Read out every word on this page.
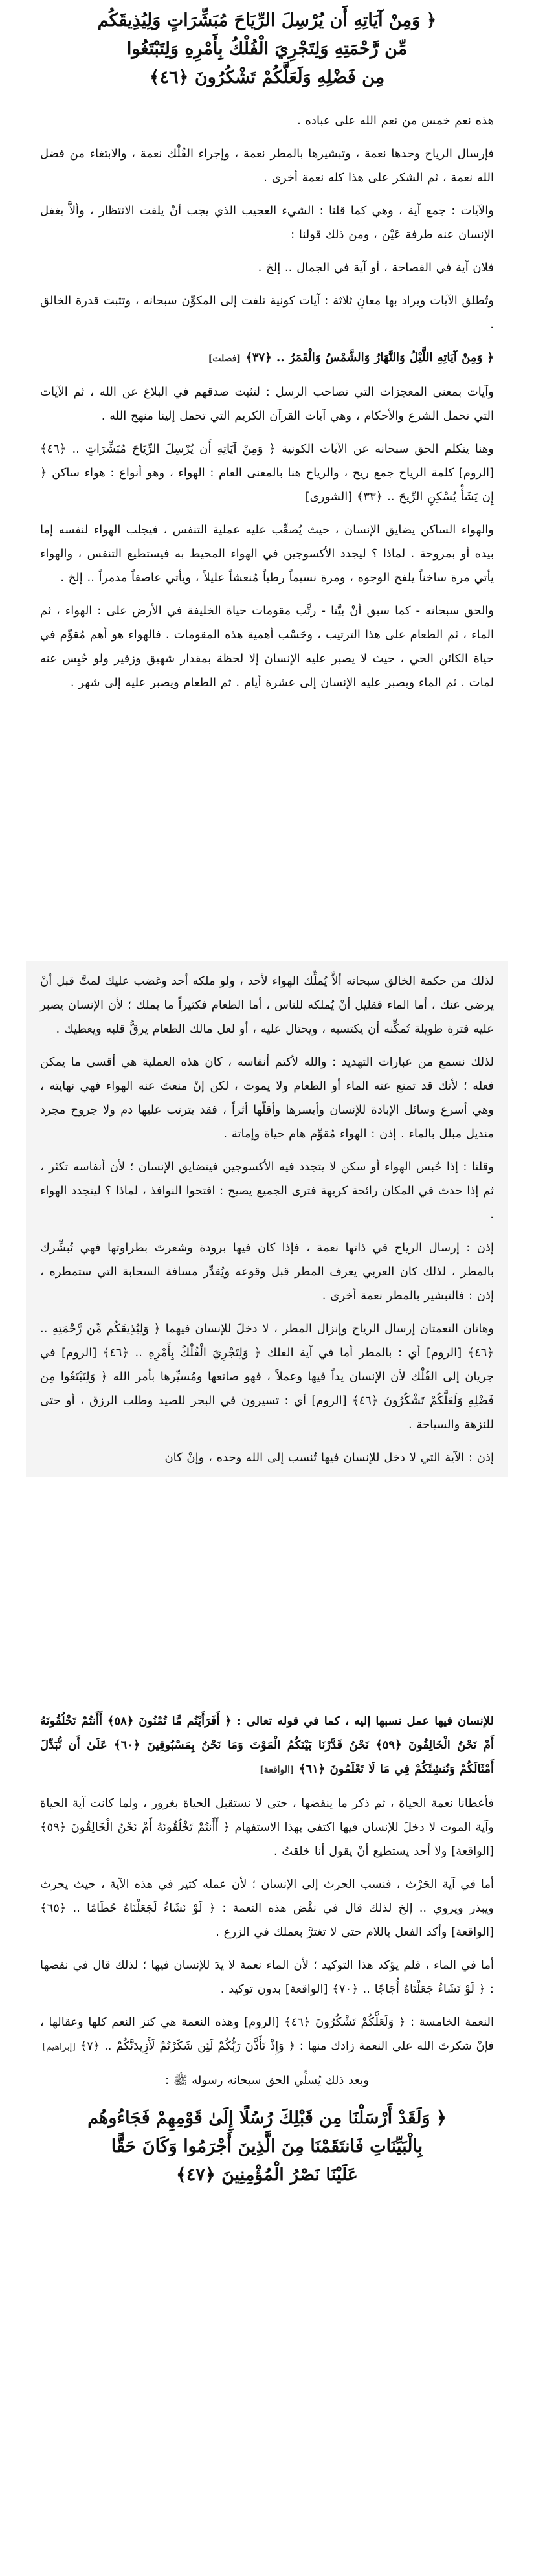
﴿ وَمِنْ آيَاتِهِ أَن يُرْسِلَ الرِّيَاحَ مُبَشِّرَاتٍ وَلِيُذِيقَكُم

مِّن رَّحْمَتِهِ وَلِتَجْرِيَ الْفُلْكُ بِأَمْرِهِ وَلِتَبْتَغُوا

مِن فَضْلِهِ وَلَعَلَّكُمْ تَشْكُرُونَ ﴿٤٦﴾

هذه نعم خمس من نعم الله على عباده .

فإرسال الرياح وحدها نعمة ، وتبشيرها بالمطر نعمة ، وإجراء الفُلْك نعمة ، والابتغاء من فضل الله نعمة ، ثم الشكر على هذا كله نعمة أخرى .

والآيات : جمع آية ، وهي كما قلنا : الشيء العجيب الذي يجب أنْ يلفت الانتظار ، وألاَّ يغفل الإنسان عنه طرفة عَيْن ، ومن ذلك قولنا :

فلان آية في الفصاحة ، أو آية في الجمال .. إلخ .

وتُطلق الآيات ويراد بها معانٍ ثلاثة : آيات كونية تلفت إلى المكوِّن سبحانه ، وتثبت قدرة الخالق .

﴿ وَمِنْ آيَاتِهِ اللَّيْلُ وَالنَّهَارُ وَالشَّمْسُ وَالْقَمَرُ .. ﴿٣٧﴾ [فصلت]

وآيات بمعنى المعجزات التي تصاحب الرسل : لتثبت صدقهم في البلاغ عن الله ، ثم الآيات التي تحمل الشرع والأحكام ، وهي آيات القرآن الكريم التي تحمل إلينا منهج الله .

وهنا يتكلم الحق سبحانه عن الآيات الكونية ﴿ وَمِنْ آيَاتِهِ أَن يُرْسِلَ الرِّيَاحَ مُبَشِّرَاتٍ .. ﴿٤٦﴾ [الروم] كلمة الرياح جمع ريح ، والرياح هنا بالمعنى العام : الهواء ، وهو أنواع : هواء ساكن ﴿ إِن يَشَأْ يُسْكِنِ الرِّيحَ .. ﴿٣٣﴾ [الشورى]

والهواء الساكن يضايق الإنسان ، حيث يُصعِّب عليه عملية التنفس ، فيجلب الهواء لنفسه إما بيده أو بمروحة . لماذا ؟ ليجدد الأكسوجين في الهواء المحيط به فيستطيع التنفس ، والهواء يأتي مرة ساخناً يلفح الوجوه ، ومرة نسيماً رطباً مُنعشاً عليلاً ، ويأتي عاصفاً مدمراً .. إلخ .

والحق سبحانه - كما سبق أنْ بيَّنا - رتَّب مقومات حياة الخليفة في الأرض على : الهواء ، ثم الماء ، ثم الطعام على هذا الترتيب ، وحَسْب أهمية هذه المقومات . فالهواء هو أهم مُقوِّم في حياة الكائن الحي ، حيث لا يصبر عليه الإنسان إلا لحظة بمقدار شهيق وزفير ولو حُبِس عنه لمات . ثم الماء ويصبر عليه الإنسان إلى عشرة أيام . ثم الطعام ويصبر عليه إلى شهر .

لذلك من حكمة الخالق سبحانه ألاَّ يُملِّك الهواء لأحد ، ولو ملكه أحد وغضب عليك لمتَّ قبل أنْ يرضى عنك ، أما الماء فقليل أنْ يُملكه للناس ، أما الطعام فكثيراً ما يملك ؛ لأن الإنسان يصبر عليه فترة طويلة تُمكِّنه أن يكتسبه ، ويحتال عليه ، أو لعل مالك الطعام يرقُّ قلبه ويعطيك .

لذلك نسمع من عبارات التهديد : والله لأكتم أنفاسه ، كان هذه العملية هي أقسى ما يمكن فعله ؛ لأنك قد تمنع عنه الماء أو الطعام ولا يموت ، لكن إنْ منعتَ عنه الهواء فهي نهايته ، وهي أسرع وسائل الإبادة للإنسان وأيسرها وأقلّها أثراً ، فقد يترتب عليها دم ولا جروح مجرد منديل مبلل بالماء . إذن : الهواء مُقوِّم هام حياة وإماتة .

وقلنا : إذا حُبس الهواء أو سكن لا يتجدد فيه الأكسوجين فيتضايق الإنسان ؛ لأن أنفاسه تكثر ، ثم إذا حدث في المكان رائحة كريهة فترى الجميع يصيح : افتحوا النوافذ ، لماذا ؟ ليتجدد الهواء .

إذن : إرسال الرياح في ذاتها نعمة ، فإذا كان فيها برودة وشعرتَ بطراوتها فهي تُبشِّرك بالمطر ، لذلك كان العربي يعرف المطر قبل وقوعه ويُقدِّر مسافة السحابة التي ستمطره ، إذن : فالتبشير بالمطر نعمة أخرى .

وهاتان النعمتان إرسال الرياح وإنزال المطر ، لا دخلَ للإنسان فيهما ﴿ وَلِيُذِيقَكُم مِّن رَّحْمَتِهِ .. ﴿٤٦﴾ [الروم] أي : بالمطر أما في آية الفلك ﴿ وَلِتَجْرِيَ الْفُلْكُ بِأَمْرِهِ .. ﴿٤٦﴾ [الروم] في جريان إلى الفُلْك لأن الإنسان يداً فيها وعملاً ، فهو صانعها ومُسيِّرها بأمر الله ﴿ وَلِتَبْتَغُوا مِن فَضْلِهِ وَلَعَلَّكُمْ تَشْكُرُونَ ﴿٤٦﴾ [الروم] أي : تسيرون في البحر للصيد وطلب الرزق ، أو حتى للنزهة والسياحة .

إذن : الآية التي لا دخل للإنسان فيها تُنسب إلى الله وحده ، وإنْ كان

للإنسان فيها عمل نسبها إليه ، كما في قوله تعالى : ﴿ أَفَرَأَيْتُم مَّا تُمْنُونَ ﴿٥٨﴾ أَأَنتُمْ تَخْلُقُونَهُ أَمْ نَحْنُ الْخَالِقُونَ ﴿٥٩﴾ نَحْنُ قَدَّرْنَا بَيْنَكُمُ الْمَوْتَ وَمَا نَحْنُ بِمَسْبُوقِينَ ﴿٦٠﴾ عَلَىٰ أَن نُّبَدِّلَ أَمْثَالَكُمْ وَنُنشِئَكُمْ فِي مَا لَا تَعْلَمُونَ ﴿٦١﴾ [الواقعة]

فأعطانا نعمة الحياة ، ثم ذكر ما ينقضها ، حتى لا نستقبل الحياة بغرور ، ولما كانت آية الحياة وآية الموت لا دخلَ للإنسان فيها اكتفى بهذا الاستفهام ﴿ أَأَنتُمْ تَخْلُقُونَهُ أَمْ نَحْنُ الْخَالِقُونَ ﴿٥٩﴾ [الواقعة] ولا أحد يستطيع أنْ يقول أنا خلقتُ .

أما في آية الحَرْث ، فنسب الحرث إلى الإنسان ؛ لأن عمله كثير في هذه الآية ، حيث يحرث ويبذر ويروي .. إلخ لذلك قال في نقْض هذه النعمة : ﴿ لَوْ نَشَاءُ لَجَعَلْنَاهُ حُطَامًا .. ﴿٦٥﴾ [الواقعة] وأكد الفعل باللام حتى لا تغترَّ بعملك في الزرع .

أما في الماء ، فلم يؤكد هذا التوكيد ؛ لأن الماء نعمة لا يدَ للإنسان فيها ؛ لذلك قال في نقضها : ﴿ لَوْ نَشَاءُ جَعَلْنَاهُ أُجَاجًا .. ﴿٧٠﴾ [الواقعة] بدون توكيد .

النعمة الخامسة : ﴿ وَلَعَلَّكُمْ تَشْكُرُونَ ﴿٤٦﴾ [الروم] وهذه النعمة هي كنز النعم كلها وعقالها ، فإنْ شكرتَ الله على النعمة زادك منها : ﴿ وَإِذْ تَأَذَّنَ رَبُّكُمْ لَئِن شَكَرْتُمْ لَأَزِيدَنَّكُمْ .. ﴿٧﴾ [إبراهيم]

وبعد ذلك يُسلِّي الحق سبحانه رسوله ﷺ :

﴿ وَلَقَدْ أَرْسَلْنَا مِن قَبْلِكَ رُسُلًا إِلَىٰ قَوْمِهِمْ فَجَاءُوهُم

بِالْبَيِّنَاتِ فَانتَقَمْنَا مِنَ الَّذِينَ أَجْرَمُوا وَكَانَ حَقًّا

عَلَيْنَا نَصْرُ الْمُؤْمِنِينَ ﴿٤٧﴾
